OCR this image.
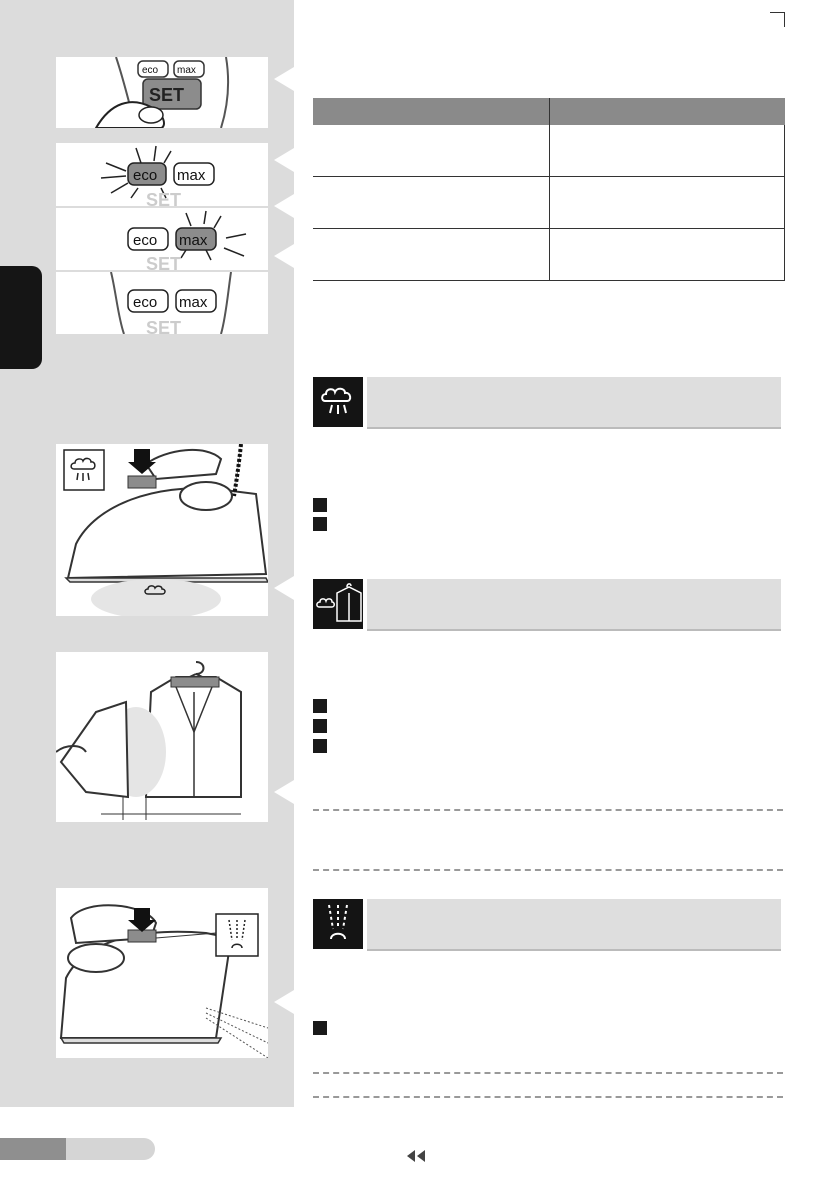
eco max
SET
eco max
SET
eco max
SET
eco max
SET
